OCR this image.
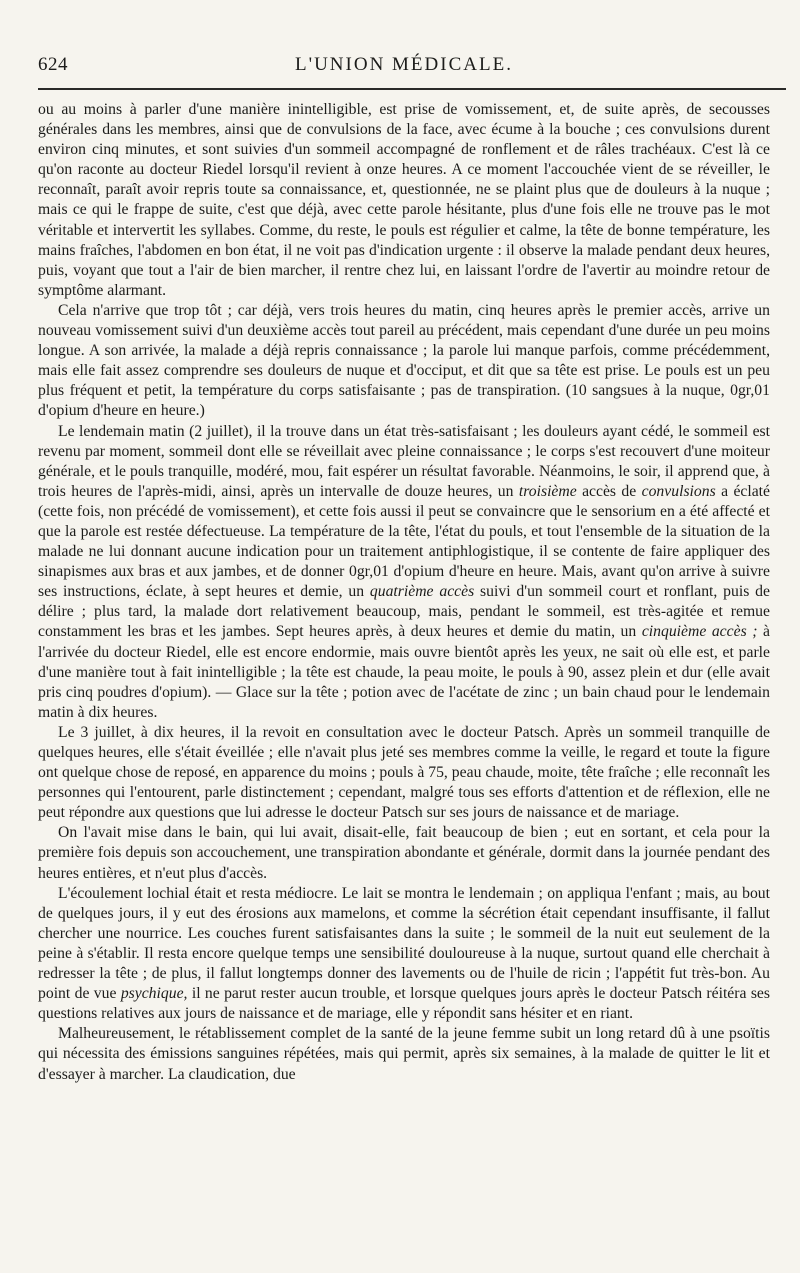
624	L'UNION MÉDICALE.

ou au moins à parler d'une manière inintelligible, est prise de vomissement, et, de suite après, de secousses générales dans les membres, ainsi que de convulsions de la face, avec écume à la bouche ; ces convulsions durent environ cinq minutes, et sont suivies d'un sommeil accompagné de ronflement et de râles trachéaux. C'est là ce qu'on raconte au docteur Riedel lorsqu'il revient à onze heures. A ce moment l'accouchée vient de se réveiller, le reconnaît, paraît avoir repris toute sa connaissance, et, questionnée, ne se plaint plus que de douleurs à la nuque ; mais ce qui le frappe de suite, c'est que déjà, avec cette parole hésitante, plus d'une fois elle ne trouve pas le mot véritable et intervertit les syllabes. Comme, du reste, le pouls est régulier et calme, la tête de bonne température, les mains fraîches, l'abdomen en bon état, il ne voit pas d'indication urgente : il observe la malade pendant deux heures, puis, voyant que tout a l'air de bien marcher, il rentre chez lui, en laissant l'ordre de l'avertir au moindre retour de symptôme alarmant.

Cela n'arrive que trop tôt ; car déjà, vers trois heures du matin, cinq heures après le premier accès, arrive un nouveau vomissement suivi d'un deuxième accès tout pareil au précédent, mais cependant d'une durée un peu moins longue. A son arrivée, la malade a déjà repris connaissance ; la parole lui manque parfois, comme précédemment, mais elle fait assez comprendre ses douleurs de nuque et d'occiput, et dit que sa tête est prise. Le pouls est un peu plus fréquent et petit, la température du corps satisfaisante ; pas de transpiration. (10 sangsues à la nuque, 0gr,01 d'opium d'heure en heure.)

Le lendemain matin (2 juillet), il la trouve dans un état très-satisfaisant ; les douleurs ayant cédé, le sommeil est revenu par moment, sommeil dont elle se réveillait avec pleine connaissance ; le corps s'est recouvert d'une moiteur générale, et le pouls tranquille, modéré, mou, fait espérer un résultat favorable. Néanmoins, le soir, il apprend que, à trois heures de l'après-midi, ainsi, après un intervalle de douze heures, un troisième accès de convulsions a éclaté (cette fois, non précédé de vomissement), et cette fois aussi il peut se convaincre que le sensorium en a été affecté et que la parole est restée défectueuse. La température de la tête, l'état du pouls, et tout l'ensemble de la situation de la malade ne lui donnant aucune indication pour un traitement antiphlogistique, il se contente de faire appliquer des sinapismes aux bras et aux jambes, et de donner 0gr,01 d'opium d'heure en heure. Mais, avant qu'on arrive à suivre ses instructions, éclate, à sept heures et demie, un quatrième accès suivi d'un sommeil court et ronflant, puis de délire ; plus tard, la malade dort relativement beaucoup, mais, pendant le sommeil, est très-agitée et remue constamment les bras et les jambes. Sept heures après, à deux heures et demie du matin, un cinquième accès ; à l'arrivée du docteur Riedel, elle est encore endormie, mais ouvre bientôt après les yeux, ne sait où elle est, et parle d'une manière tout à fait inintelligible ; la tête est chaude, la peau moite, le pouls à 90, assez plein et dur (elle avait pris cinq poudres d'opium). — Glace sur la tête ; potion avec de l'acétate de zinc ; un bain chaud pour le lendemain matin à dix heures.

Le 3 juillet, à dix heures, il la revoit en consultation avec le docteur Patsch. Après un sommeil tranquille de quelques heures, elle s'était éveillée ; elle n'avait plus jeté ses membres comme la veille, le regard et toute la figure ont quelque chose de reposé, en apparence du moins ; pouls à 75, peau chaude, moite, tête fraîche ; elle reconnaît les personnes qui l'entourent, parle distinctement ; cependant, malgré tous ses efforts d'attention et de réflexion, elle ne peut répondre aux questions que lui adresse le docteur Patsch sur ses jours de naissance et de mariage.

On l'avait mise dans le bain, qui lui avait, disait-elle, fait beaucoup de bien ; eut en sortant, et cela pour la première fois depuis son accouchement, une transpiration abondante et générale, dormit dans la journée pendant des heures entières, et n'eut plus d'accès.

L'écoulement lochial était et resta médiocre. Le lait se montra le lendemain ; on appliqua l'enfant ; mais, au bout de quelques jours, il y eut des érosions aux mamelons, et comme la sécrétion était cependant insuffisante, il fallut chercher une nourrice. Les couches furent satisfaisantes dans la suite ; le sommeil de la nuit eut seulement de la peine à s'établir. Il resta encore quelque temps une sensibilité douloureuse à la nuque, surtout quand elle cherchait à redresser la tête ; de plus, il fallut longtemps donner des lavements ou de l'huile de ricin ; l'appétit fut très-bon. Au point de vue psychique, il ne parut rester aucun trouble, et lorsque quelques jours après le docteur Patsch réitéra ses questions relatives aux jours de naissance et de mariage, elle y répondit sans hésiter et en riant.

Malheureusement, le rétablissement complet de la santé de la jeune femme subit un long retard dû à une psoïtis qui nécessita des émissions sanguines répétées, mais qui permit, après six semaines, à la malade de quitter le lit et d'essayer à marcher. La claudication, due
